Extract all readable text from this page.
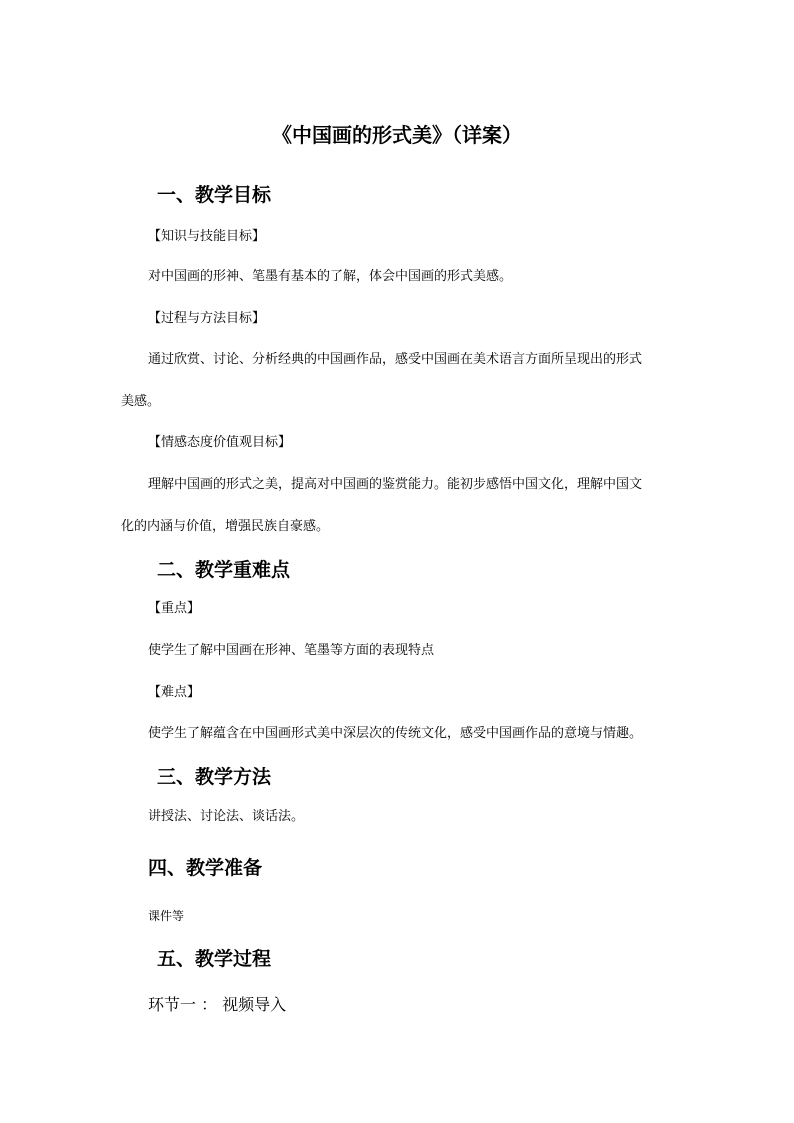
《中国画的形式美》（详案）
一、教学目标

【知识与技能目标】

对中国画的形神、笔墨有基本的了解，体会中国画的形式美感。

【过程与方法目标】

通过欣赏、讨论、分析经典的中国画作品，感受中国画在美术语言方面所呈现出的形式

美感。

【情感态度价值观目标】

理解中国画的形式之美，提高对中国画的鉴赏能力。能初步感悟中国文化，理解中国文

化的内涵与价值，增强民族自豪感。

二、教学重难点

【重点】

使学生了解中国画在形神、笔墨等方面的表现特点

【难点】

使学生了解蕴含在中国画形式美中深层次的传统文化，感受中国画作品的意境与情趣。

三、教学方法

讲授法、讨论法、谈话法。

四、教学准备

课件等

五、教学过程

环节一 ： 视频导入
